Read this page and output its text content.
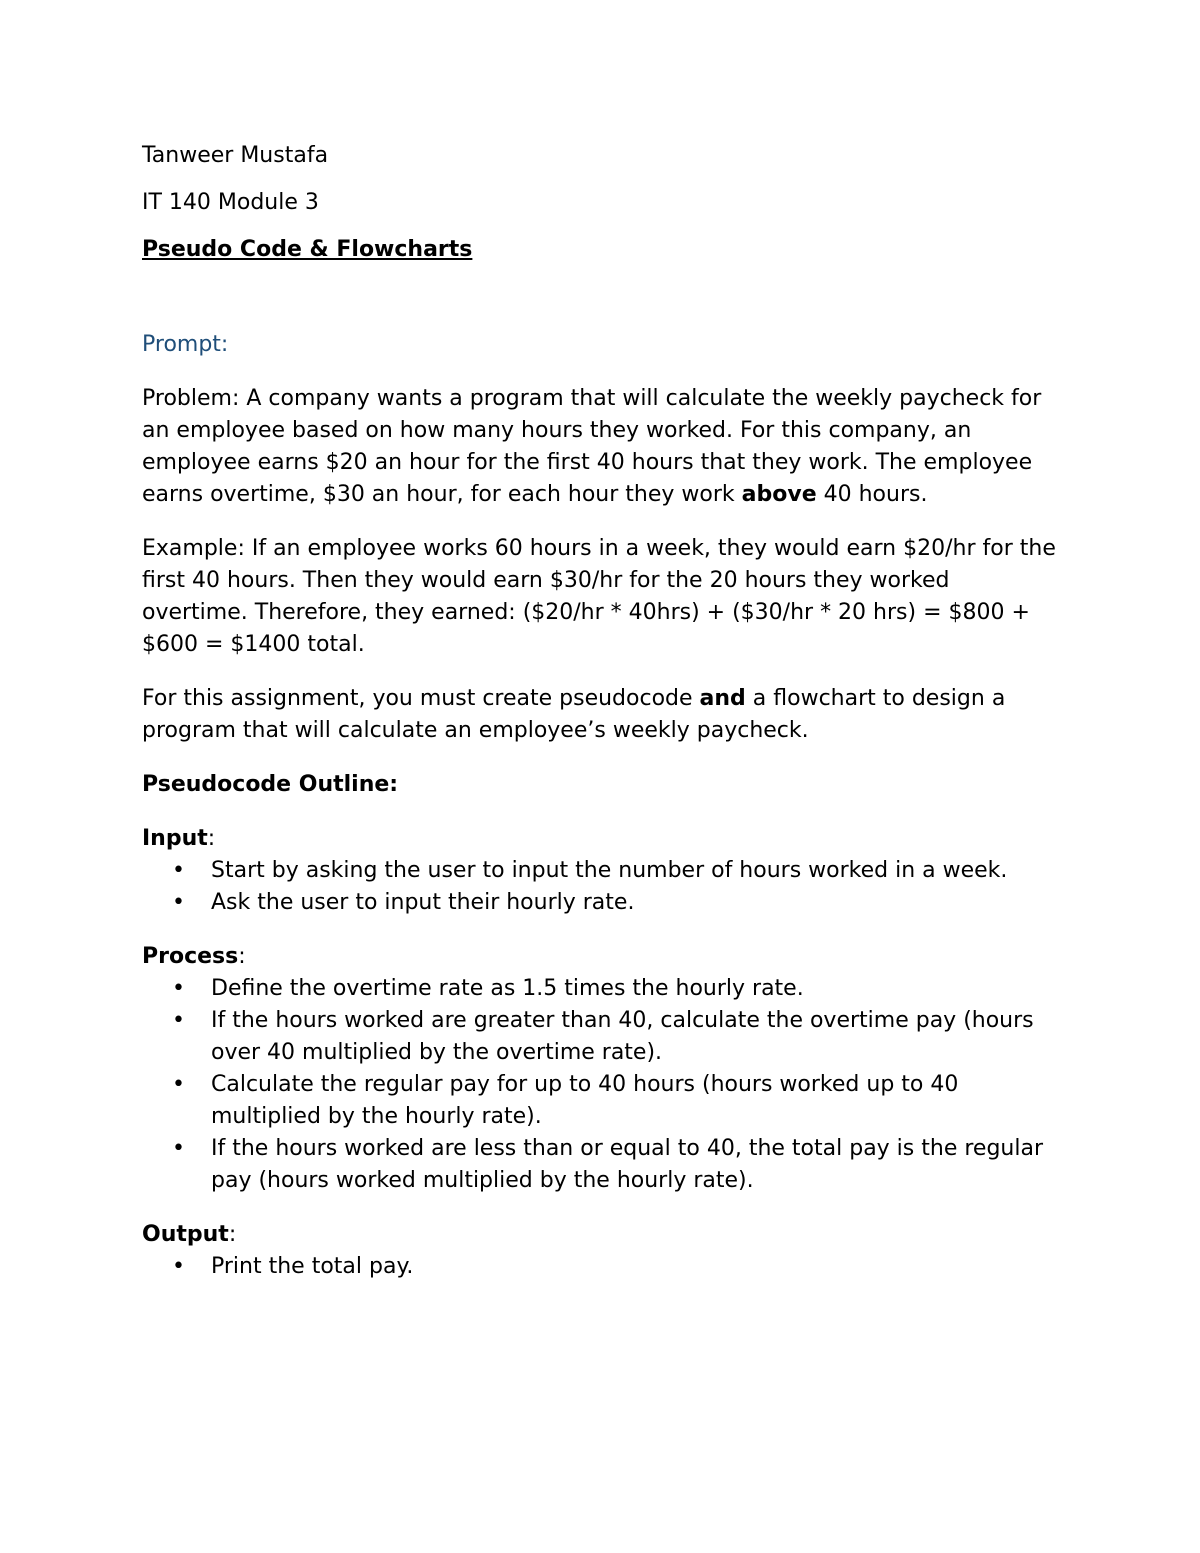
Tanweer Mustafa

IT 140 Module 3

Pseudo Code & Flowcharts

Prompt:

Problem: A company wants a program that will calculate the weekly paycheck for an employee based on how many hours they worked. For this company, an employee earns $20 an hour for the first 40 hours that they work. The employee earns overtime, $30 an hour, for each hour they work above 40 hours.

Example: If an employee works 60 hours in a week, they would earn $20/hr for the first 40 hours. Then they would earn $30/hr for the 20 hours they worked overtime. Therefore, they earned: ($20/hr * 40hrs) + ($30/hr * 20 hrs) = $800 + $600 = $1400 total.

For this assignment, you must create pseudocode and a flowchart to design a program that will calculate an employee’s weekly paycheck.

Pseudocode Outline:

Input:

• Start by asking the user to input the number of hours worked in a week.
• Ask the user to input their hourly rate.

Process:

• Define the overtime rate as 1.5 times the hourly rate.
• If the hours worked are greater than 40, calculate the overtime pay (hours over 40 multiplied by the overtime rate).
• Calculate the regular pay for up to 40 hours (hours worked up to 40 multiplied by the hourly rate).
• If the hours worked are less than or equal to 40, the total pay is the regular pay (hours worked multiplied by the hourly rate).

Output:

• Print the total pay.
